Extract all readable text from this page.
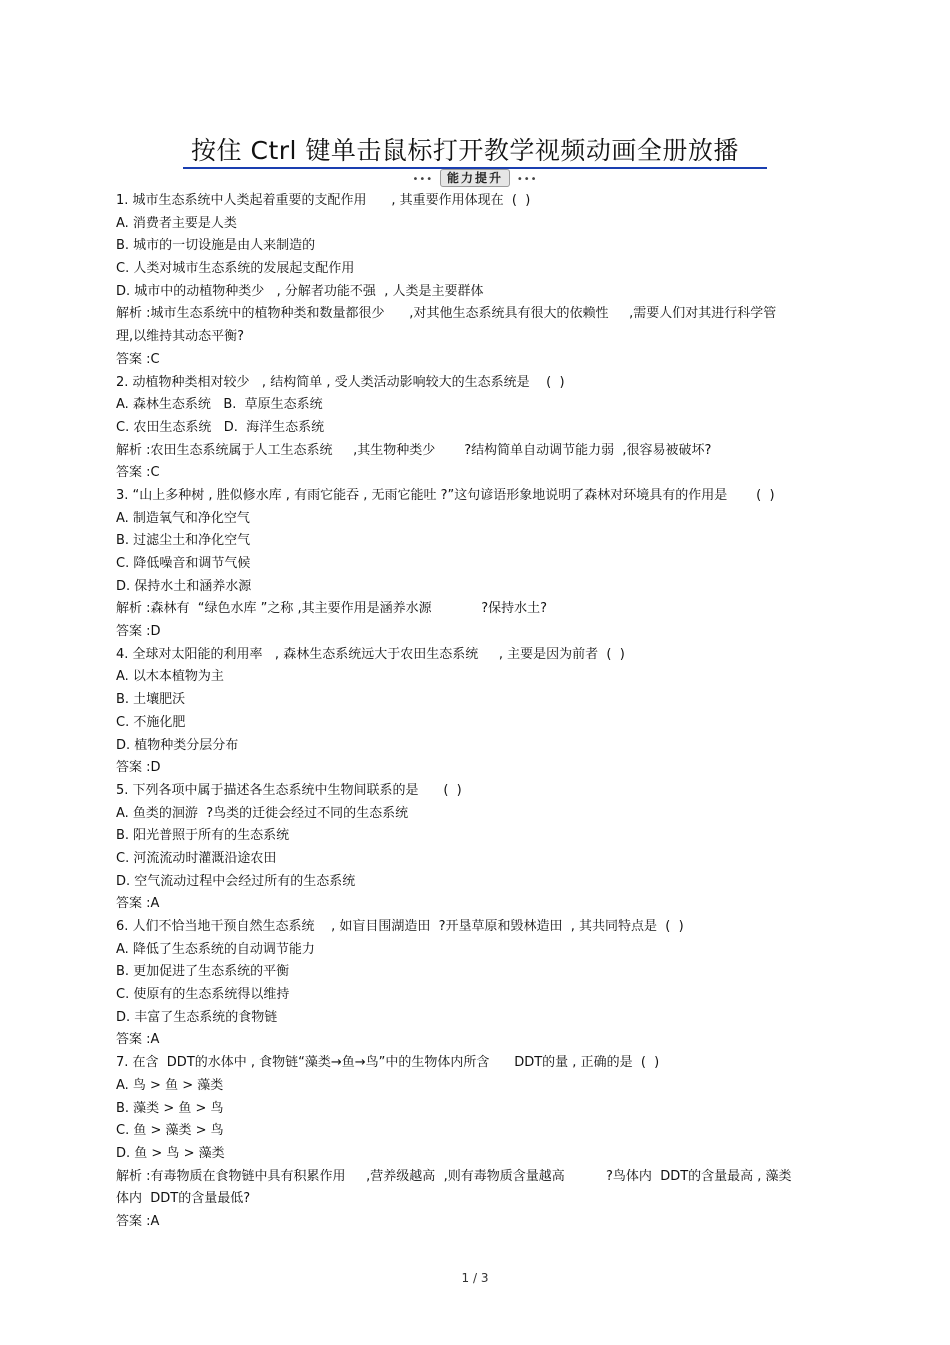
按住 Ctrl 键单击鼠标打开教学视频动画全册放播
••• 能力提升 •••
1. 城市生态系统中人类起着重要的支配作用      , 其重要作用体现在  (  )
A. 消费者主要是人类
B. 城市的一切设施是由人来制造的
C. 人类对城市生态系统的发展起支配作用
D. 城市中的动植物种类少   , 分解者功能不强  , 人类是主要群体
解析 :城市生态系统中的植物种类和数量都很少      ,对其他生态系统具有很大的依赖性     ,需要人们对其进行科学管
理,以维持其动态平衡?
答案 :C
2. 动植物种类相对较少   , 结构简单 , 受人类活动影响较大的生态系统是    (  )
A. 森林生态系统   B.  草原生态系统
C. 农田生态系统   D.  海洋生态系统
解析 :农田生态系统属于人工生态系统     ,其生物种类少       ?结构简单自动调节能力弱  ,很容易被破坏?
答案 :C
3. “山上多种树 , 胜似修水库 , 有雨它能吞 , 无雨它能吐 ?”这句谚语形象地说明了森林对环境具有的作用是       (  )
A. 制造氧气和净化空气
B. 过滤尘土和净化空气
C. 降低噪音和调节气候
D. 保持水土和涵养水源
解析 :森林有  “绿色水库 ”之称 ,其主要作用是涵养水源            ?保持水土?
答案 :D
4. 全球对太阳能的利用率   , 森林生态系统远大于农田生态系统     , 主要是因为前者  (  )
A. 以木本植物为主
B. 土壤肥沃
C. 不施化肥
D. 植物种类分层分布
答案 :D
5. 下列各项中属于描述各生态系统中生物间联系的是      (  )
A. 鱼类的洄游  ?鸟类的迁徙会经过不同的生态系统
B. 阳光普照于所有的生态系统
C. 河流流动时灌溉沿途农田
D. 空气流动过程中会经过所有的生态系统
答案 :A
6. 人们不恰当地干预自然生态系统    , 如盲目围湖造田  ?开垦草原和毁林造田  , 其共同特点是  (  )
A. 降低了生态系统的自动调节能力
B. 更加促进了生态系统的平衡
C. 使原有的生态系统得以维持
D. 丰富了生态系统的食物链
答案 :A
7. 在含  DDT的水体中 , 食物链“藻类→鱼→鸟”中的生物体内所含      DDT的量 , 正确的是  (  )
A. 鸟 > 鱼 > 藻类
B. 藻类 > 鱼 > 鸟
C. 鱼 > 藻类 > 鸟
D. 鱼 > 鸟 > 藻类
解析 :有毒物质在食物链中具有积累作用     ,营养级越高  ,则有毒物质含量越高          ?鸟体内  DDT的含量最高 , 藻类
体内  DDT的含量最低?
答案 :A
1 / 3
